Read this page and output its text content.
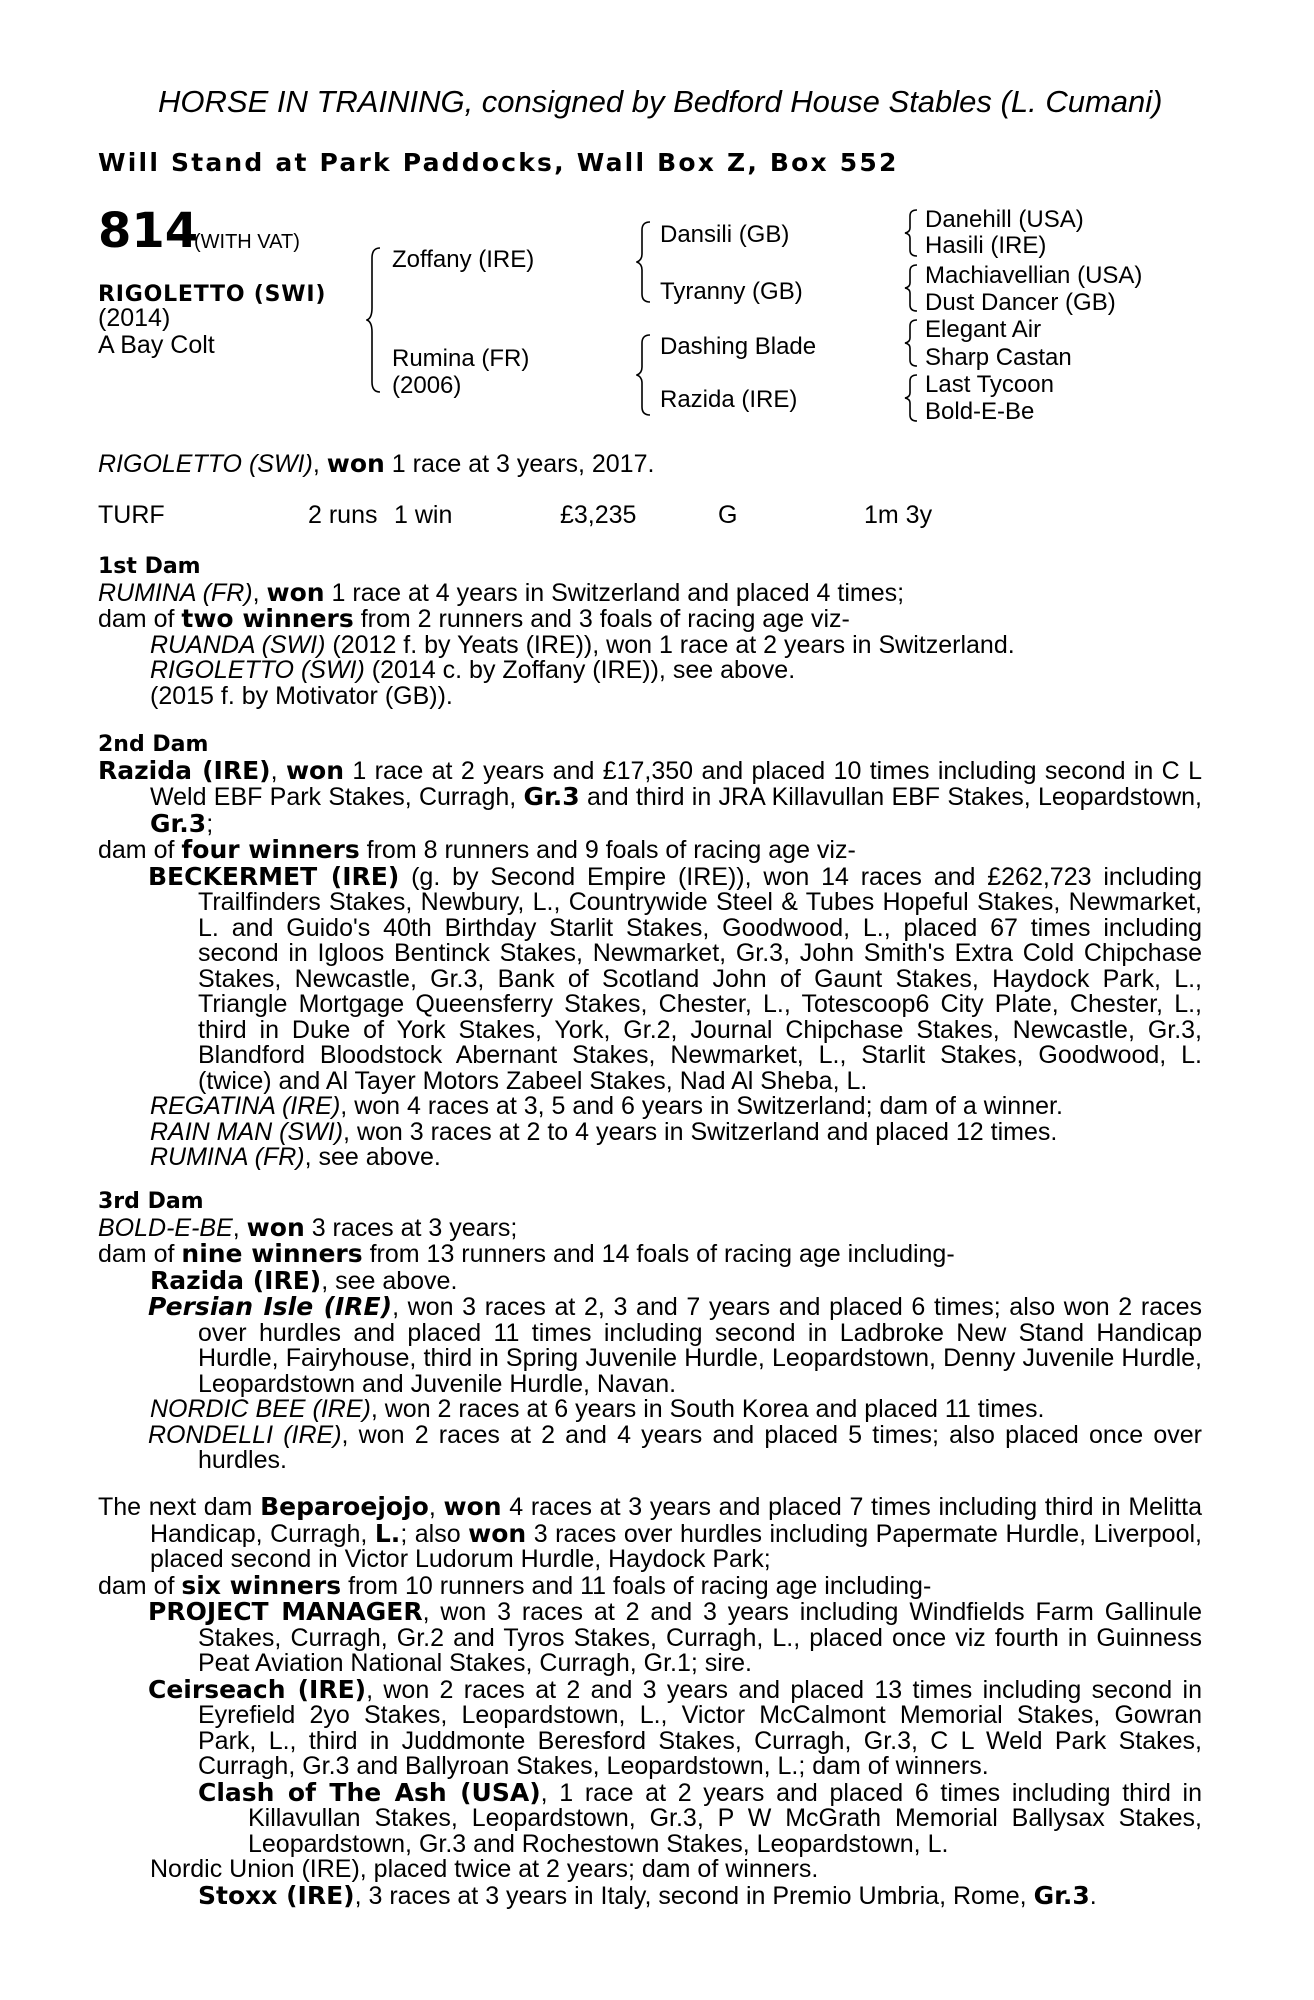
HORSE IN TRAINING, consigned by Bedford House Stables (L. Cumani)
Will Stand at Park Paddocks, Wall Box Z, Box 552
814
(WITH VAT)
RIGOLETTO (SWI)
(2014)
A Bay Colt
Zoffany (IRE)
Rumina (FR)
(2006)
Dansili (GB)
Tyranny (GB)
Dashing Blade
Razida (IRE)
Danehill (USA)
Hasili (IRE)
Machiavellian (USA)
Dust Dancer (GB)
Elegant Air
Sharp Castan
Last Tycoon
Bold-E-Be
RIGOLETTO (SWI), won 1 race at 3 years, 2017.
TURF	2 runs 1 win	£3,235	G	1m 3y

1st Dam

RUMINA (FR), won 1 race at 4 years in Switzerland and placed 4 times;

dam of two winners from 2 runners and 3 foals of racing age viz-

RUANDA (SWI) (2012 f. by Yeats (IRE)), won 1 race at 2 years in Switzerland.

RIGOLETTO (SWI) (2014 c. by Zoffany (IRE)), see above.

(2015 f. by Motivator (GB)).

2nd Dam

Razida (IRE), won 1 race at 2 years and £17,350 and placed 10 times including second in C L Weld EBF Park Stakes, Curragh, Gr.3 and third in JRA Killavullan EBF Stakes, Leopardstown, Gr.3;

dam of four winners from 8 runners and 9 foals of racing age viz-

BECKERMET (IRE) (g. by Second Empire (IRE)), won 14 races and £262,723 including Trailfinders Stakes, Newbury, L., Countrywide Steel & Tubes Hopeful Stakes, Newmarket, L. and Guido's 40th Birthday Starlit Stakes, Goodwood, L., placed 67 times including second in Igloos Bentinck Stakes, Newmarket, Gr.3, John Smith's Extra Cold Chipchase Stakes, Newcastle, Gr.3, Bank of Scotland John of Gaunt Stakes, Haydock Park, L., Triangle Mortgage Queensferry Stakes, Chester, L., Totescoop6 City Plate, Chester, L., third in Duke of York Stakes, York, Gr.2, Journal Chipchase Stakes, Newcastle, Gr.3, Blandford Bloodstock Abernant Stakes, Newmarket, L., Starlit Stakes, Goodwood, L. (twice) and Al Tayer Motors Zabeel Stakes, Nad Al Sheba, L.

REGATINA (IRE), won 4 races at 3, 5 and 6 years in Switzerland; dam of a winner.

RAIN MAN (SWI), won 3 races at 2 to 4 years in Switzerland and placed 12 times.

RUMINA (FR), see above.

3rd Dam

BOLD-E-BE, won 3 races at 3 years;

dam of nine winners from 13 runners and 14 foals of racing age including-

Razida (IRE), see above.

Persian Isle (IRE), won 3 races at 2, 3 and 7 years and placed 6 times; also won 2 races over hurdles and placed 11 times including second in Ladbroke New Stand Handicap Hurdle, Fairyhouse, third in Spring Juvenile Hurdle, Leopardstown, Denny Juvenile Hurdle, Leopardstown and Juvenile Hurdle, Navan.

NORDIC BEE (IRE), won 2 races at 6 years in South Korea and placed 11 times.

RONDELLI (IRE), won 2 races at 2 and 4 years and placed 5 times; also placed once over hurdles.

The next dam Beparoejojo, won 4 races at 3 years and placed 7 times including third in Melitta Handicap, Curragh, L.; also won 3 races over hurdles including Papermate Hurdle, Liverpool, placed second in Victor Ludorum Hurdle, Haydock Park;

dam of six winners from 10 runners and 11 foals of racing age including-

PROJECT MANAGER, won 3 races at 2 and 3 years including Windfields Farm Gallinule Stakes, Curragh, Gr.2 and Tyros Stakes, Curragh, L., placed once viz fourth in Guinness Peat Aviation National Stakes, Curragh, Gr.1; sire.

Ceirseach (IRE), won 2 races at 2 and 3 years and placed 13 times including second in Eyrefield 2yo Stakes, Leopardstown, L., Victor McCalmont Memorial Stakes, Gowran Park, L., third in Juddmonte Beresford Stakes, Curragh, Gr.3, C L Weld Park Stakes, Curragh, Gr.3 and Ballyroan Stakes, Leopardstown, L.; dam of winners.

Clash of The Ash (USA), 1 race at 2 years and placed 6 times including third in Killavullan Stakes, Leopardstown, Gr.3, P W McGrath Memorial Ballysax Stakes, Leopardstown, Gr.3 and Rochestown Stakes, Leopardstown, L.

Nordic Union (IRE), placed twice at 2 years; dam of winners.

Stoxx (IRE), 3 races at 3 years in Italy, second in Premio Umbria, Rome, Gr.3.
